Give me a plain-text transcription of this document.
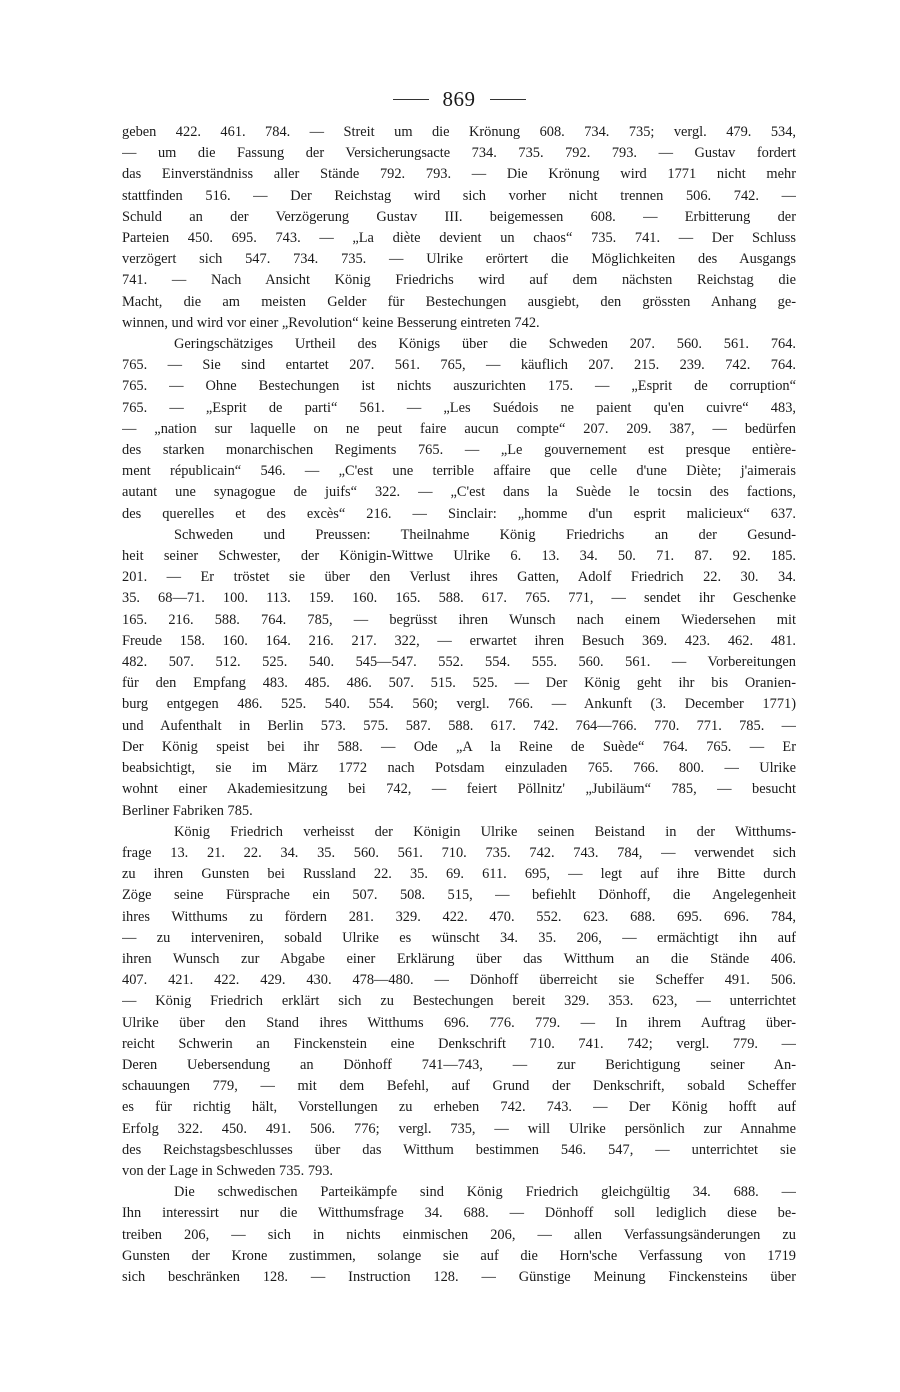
869
geben 422. 461. 784. — Streit um die Krönung 608. 734. 735; vergl. 479. 534,
— um die Fassung der Versicherungsacte 734. 735. 792. 793. — Gustav fordert
das Einverständniss aller Stände 792. 793. — Die Krönung wird 1771 nicht mehr
stattfinden 516. — Der Reichstag wird sich vorher nicht trennen 506. 742. —
Schuld an der Verzögerung Gustav III. beigemessen 608. — Erbitterung der
Parteien 450. 695. 743. — „La diète devient un chaos“ 735. 741. — Der Schluss
verzögert sich 547. 734. 735. — Ulrike erörtert die Möglichkeiten des Ausgangs
741. — Nach Ansicht König Friedrichs wird auf dem nächsten Reichstag die
Macht, die am meisten Gelder für Bestechungen ausgiebt, den grössten Anhang ge-
winnen, und wird vor einer „Revolution“ keine Besserung eintreten 742.
Geringschätziges Urtheil des Königs über die Schweden 207. 560. 561. 764.
765. — Sie sind entartet 207. 561. 765, — käuflich 207. 215. 239. 742. 764.
765. — Ohne Bestechungen ist nichts auszurichten 175. — „Esprit de corruption“
765. — „Esprit de parti“ 561. — „Les Suédois ne paient qu'en cuivre“ 483,
— „nation sur laquelle on ne peut faire aucun compte“ 207. 209. 387, — bedürfen
des starken monarchischen Regiments 765. — „Le gouvernement est presque entière-
ment républicain“ 546. — „C'est une terrible affaire que celle d'une Diète; j'aimerais
autant une synagogue de juifs“ 322. — „C'est dans la Suède le tocsin des factions,
des querelles et des excès“ 216. — Sinclair: „homme d'un esprit malicieux“ 637.
Schweden und Preussen: Theilnahme König Friedrichs an der Gesund-
heit seiner Schwester, der Königin-Wittwe Ulrike 6. 13. 34. 50. 71. 87. 92. 185.
201. — Er tröstet sie über den Verlust ihres Gatten, Adolf Friedrich 22. 30. 34.
35. 68—71. 100. 113. 159. 160. 165. 588. 617. 765. 771, — sendet ihr Geschenke
165. 216. 588. 764. 785, — begrüsst ihren Wunsch nach einem Wiedersehen mit
Freude 158. 160. 164. 216. 217. 322, — erwartet ihren Besuch 369. 423. 462. 481.
482. 507. 512. 525. 540. 545—547. 552. 554. 555. 560. 561. — Vorbereitungen
für den Empfang 483. 485. 486. 507. 515. 525. — Der König geht ihr bis Oranien-
burg entgegen 486. 525. 540. 554. 560; vergl. 766. — Ankunft (3. December 1771)
und Aufenthalt in Berlin 573. 575. 587. 588. 617. 742. 764—766. 770. 771. 785. —
Der König speist bei ihr 588. — Ode „A la Reine de Suède“ 764. 765. — Er
beabsichtigt, sie im März 1772 nach Potsdam einzuladen 765. 766. 800. — Ulrike
wohnt einer Akademiesitzung bei 742, — feiert Pöllnitz' „Jubiläum“ 785, — besucht
Berliner Fabriken 785.
König Friedrich verheisst der Königin Ulrike seinen Beistand in der Witthums-
frage 13. 21. 22. 34. 35. 560. 561. 710. 735. 742. 743. 784, — verwendet sich
zu ihren Gunsten bei Russland 22. 35. 69. 611. 695, — legt auf ihre Bitte durch
Zöge seine Fürsprache ein 507. 508. 515, — befiehlt Dönhoff, die Angelegenheit
ihres Witthums zu fördern 281. 329. 422. 470. 552. 623. 688. 695. 696. 784,
— zu interveniren, sobald Ulrike es wünscht 34. 35. 206, — ermächtigt ihn auf
ihren Wunsch zur Abgabe einer Erklärung über das Witthum an die Stände 406.
407. 421. 422. 429. 430. 478—480. — Dönhoff überreicht sie Scheffer 491. 506.
— König Friedrich erklärt sich zu Bestechungen bereit 329. 353. 623, — unterrichtet
Ulrike über den Stand ihres Witthums 696. 776. 779. — In ihrem Auftrag über-
reicht Schwerin an Finckenstein eine Denkschrift 710. 741. 742; vergl. 779. —
Deren Uebersendung an Dönhoff 741—743, — zur Berichtigung seiner An-
schauungen 779, — mit dem Befehl, auf Grund der Denkschrift, sobald Scheffer
es für richtig hält, Vorstellungen zu erheben 742. 743. — Der König hofft auf
Erfolg 322. 450. 491. 506. 776; vergl. 735, — will Ulrike persönlich zur Annahme
des Reichstagsbeschlusses über das Witthum bestimmen 546. 547, — unterrichtet sie
von der Lage in Schweden 735. 793.
Die schwedischen Parteikämpfe sind König Friedrich gleichgültig 34. 688. —
Ihn interessirt nur die Witthumsfrage 34. 688. — Dönhoff soll lediglich diese be-
treiben 206, — sich in nichts einmischen 206, — allen Verfassungsänderungen zu
Gunsten der Krone zustimmen, solange sie auf die Horn'sche Verfassung von 1719
sich beschränken 128. — Instruction 128. — Günstige Meinung Finckensteins über
